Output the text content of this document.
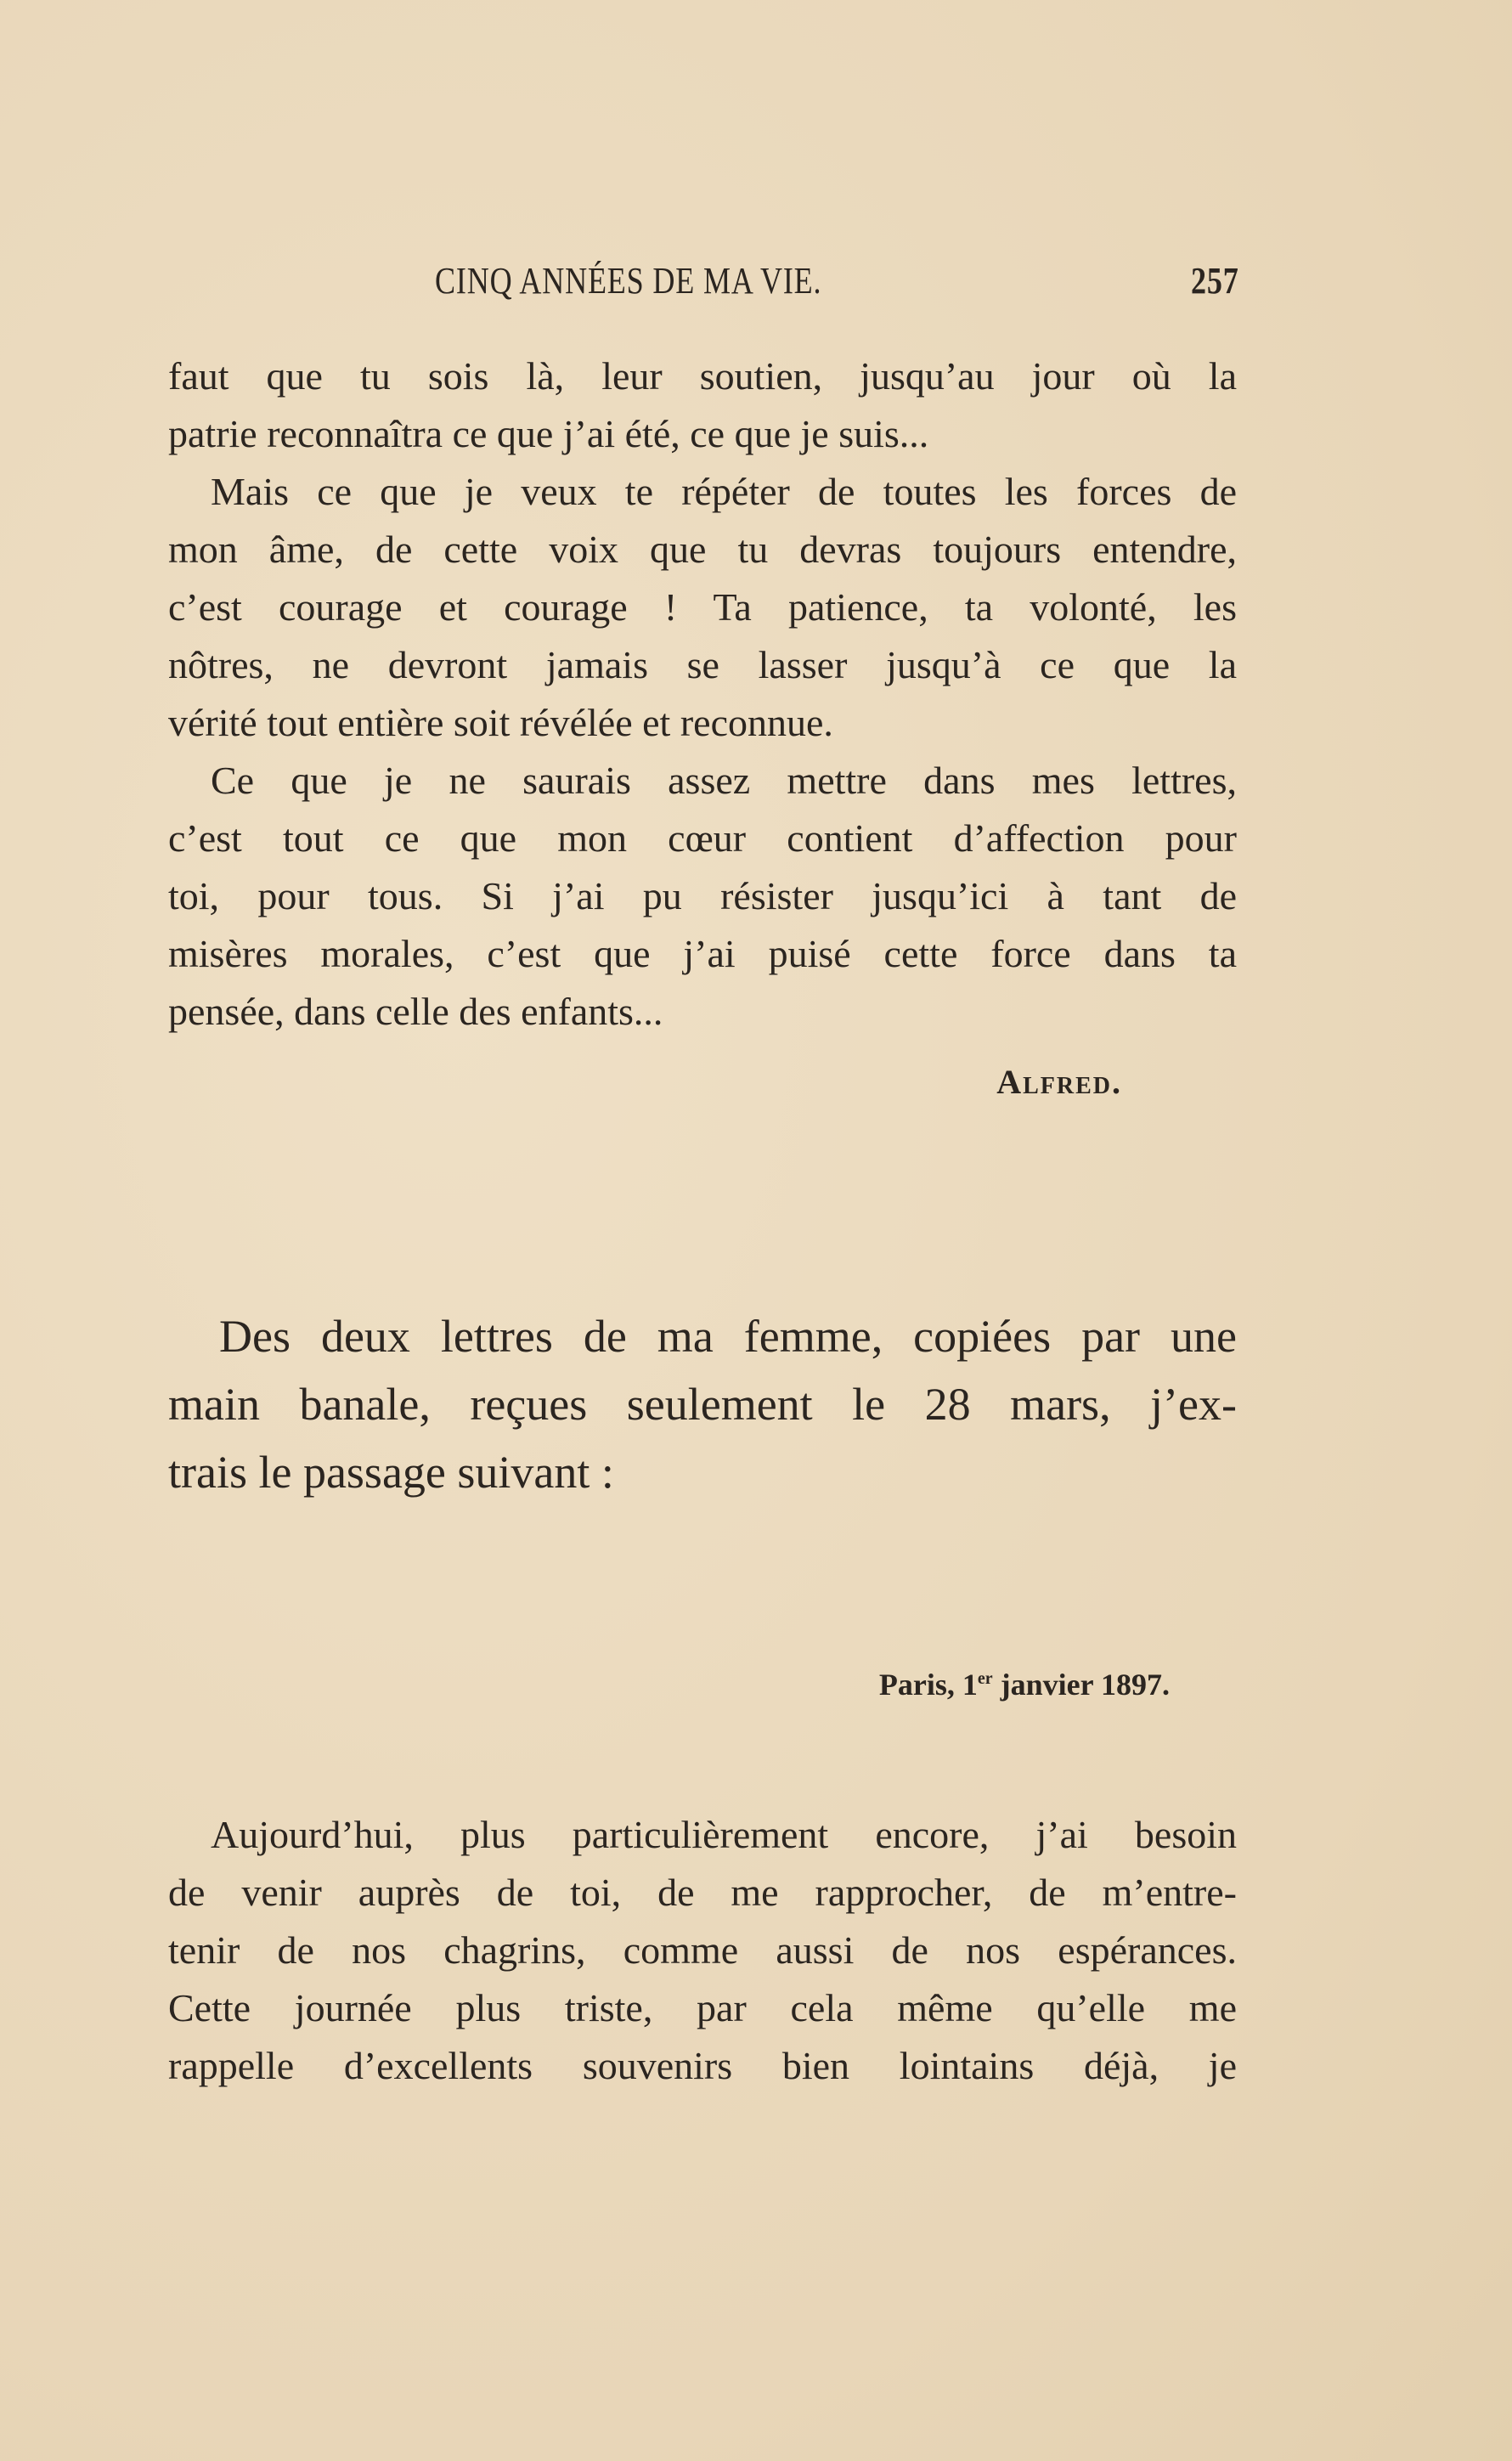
CINQ ANNÉES DE MA VIE.	257
faut que tu sois là, leur soutien, jusqu’au jour où la
patrie reconnaîtra ce que j’ai été, ce que je suis...
Mais ce que je veux te répéter de toutes les forces de
mon âme, de cette voix que tu devras toujours entendre,
c’est courage et courage ! Ta patience, ta volonté, les
nôtres, ne devront jamais se lasser jusqu’à ce que la
vérité tout entière soit révélée et reconnue.
Ce que je ne saurais assez mettre dans mes lettres,
c’est tout ce que mon cœur contient d’affection pour
toi, pour tous. Si j’ai pu résister jusqu’ici à tant de
misères morales, c’est que j’ai puisé cette force dans ta
pensée, dans celle des enfants...
Alfred.
Des deux lettres de ma femme, copiées par une
main banale, reçues seulement le 28 mars, j’ex-
trais le passage suivant :
Paris, 1er janvier 1897.
Aujourd’hui, plus particulièrement encore, j’ai besoin
de venir auprès de toi, de me rapprocher, de m’entre-
tenir de nos chagrins, comme aussi de nos espérances.
Cette journée plus triste, par cela même qu’elle me
rappelle d’excellents souvenirs bien lointains déjà, je
